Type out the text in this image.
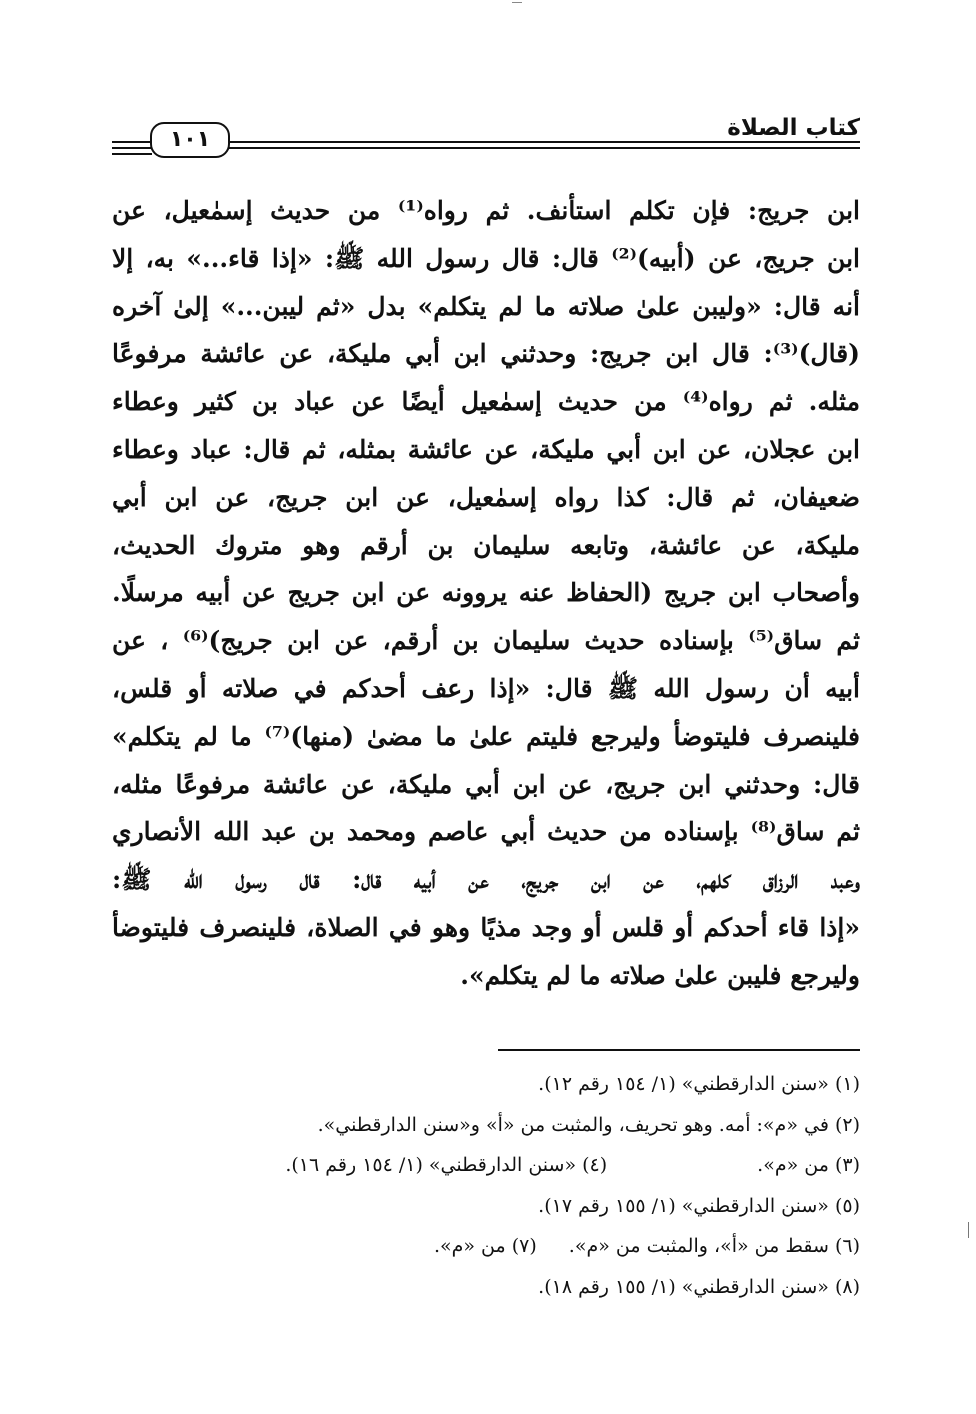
كتاب الصلاة
١٠١
ابن جريج: فإن تكلم استأنف. ثم رواه⁽¹⁾ من حديث إسمٰعيل، عن
ابن جريج، عن (أبيه)⁽²⁾ قال: قال رسول الله ﷺ: «إذا قاء...» به، إلا
أنه قال: «وليبن علىٰ صلاته ما لم يتكلم» بدل «ثم ليبن...» إلىٰ آخره
(قال)⁽³⁾: قال ابن جريج: وحدثني ابن أبي مليكة، عن عائشة مرفوعًا
مثله. ثم رواه⁽⁴⁾ من حديث إسمٰعيل أيضًا عن عباد بن كثير وعطاء
ابن عجلان، عن ابن أبي مليكة، عن عائشة بمثله، ثم قال: عباد وعطاء
ضعيفان، ثم قال: كذا رواه إسمٰعيل، عن ابن جريج، عن ابن أبي
مليكة، عن عائشة، وتابعه سليمان بن أرقم وهو متروك الحديث،
وأصحاب ابن جريج (الحفاظ عنه يروونه عن ابن جريج عن أبيه مرسلًا.
ثم ساق⁽⁵⁾ بإسناده حديث سليمان بن أرقم، عن ابن جريج)⁽⁶⁾ ، عن
أبيه أن رسول الله ﷺ قال: «إذا رعف أحدكم في صلاته أو قلس،
فلينصرف فليتوضأ وليرجع فليتم علىٰ ما مضىٰ (منها)⁽⁷⁾ ما لم يتكلم»
قال: وحدثني ابن جريج، عن ابن أبي مليكة، عن عائشة مرفوعًا مثله،
ثم ساق⁽⁸⁾ بإسناده من حديث أبي عاصم ومحمد بن عبد الله الأنصاري
وعبد الرزاق كلهم، عن ابن جريج، عن أبيه قال: قال رسول الله ﷺ:
«إذا قاء أحدكم أو قلس أو وجد مذيًا وهو في الصلاة، فلينصرف فليتوضأ
وليرجع فليبن علىٰ صلاته ما لم يتكلم».
(١) «سنن الدارقطني» (١/ ١٥٤ رقم ١٢).
(٢) في «م»: أمه. وهو تحريف، والمثبت من «أ» و«سنن الدارقطني».
(٣) من «م».(٤) «سنن الدارقطني» (١/ ١٥٤ رقم ١٦).
(٥) «سنن الدارقطني» (١/ ١٥٥ رقم ١٧).
(٦) سقط من «أ»، والمثبت من «م».(٧) من «م».
(٨) «سنن الدارقطني» (١/ ١٥٥ رقم ١٨).
